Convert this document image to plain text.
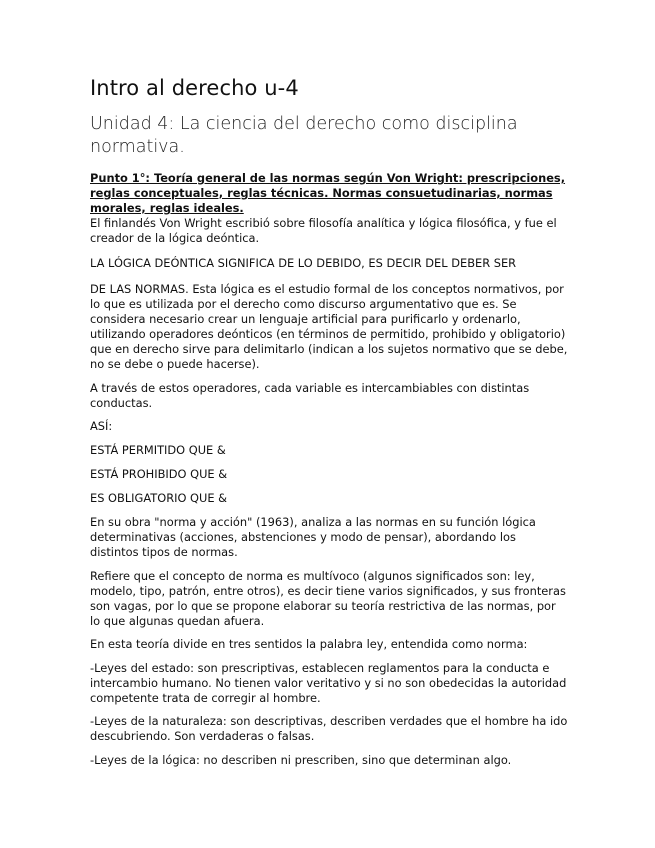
Intro al derecho u-4
Unidad 4: La ciencia del derecho como disciplina normativa.
Punto 1°: Teoría general de las normas según Von Wright: prescripciones, reglas conceptuales, reglas técnicas. Normas consuetudinarias, normas morales, reglas ideales.

El finlandés Von Wright escribió sobre filosofía analítica y lógica filosófica, y fue el creador de la lógica deóntica.

LA LÓGICA DEÓNTICA SIGNIFICA DE LO DEBIDO, ES DECIR DEL DEBER SER

DE LAS NORMAS. Esta lógica es el estudio formal de los conceptos normativos, por lo que es utilizada por el derecho como discurso argumentativo que es. Se considera necesario crear un lenguaje artificial para purificarlo y ordenarlo, utilizando operadores deónticos (en términos de permitido, prohibido y obligatorio) que en derecho sirve para delimitarlo (indican a los sujetos normativo que se debe, no se debe o puede hacerse).

A través de estos operadores, cada variable es intercambiables con distintas conductas.

ASÍ:

ESTÁ PERMITIDO QUE &

ESTÁ PROHIBIDO QUE &

ES OBLIGATORIO QUE &

En su obra "norma y acción" (1963), analiza a las normas en su función lógica determinativas (acciones, abstenciones y modo de pensar), abordando los distintos tipos de normas.

Refiere que el concepto de norma es multívoco (algunos significados son: ley, modelo, tipo, patrón, entre otros), es decir tiene varios significados, y sus fronteras son vagas, por lo que se propone elaborar su teoría restrictiva de las normas, por lo que algunas quedan afuera.

En esta teoría divide en tres sentidos la palabra ley, entendida como norma:

-Leyes del estado: son prescriptivas, establecen reglamentos para la conducta e intercambio humano. No tienen valor veritativo y si no son obedecidas la autoridad competente trata de corregir al hombre.

-Leyes de la naturaleza: son descriptivas, describen verdades que el hombre ha ido descubriendo. Son verdaderas o falsas.

-Leyes de la lógica: no describen ni prescriben, sino que determinan algo.
